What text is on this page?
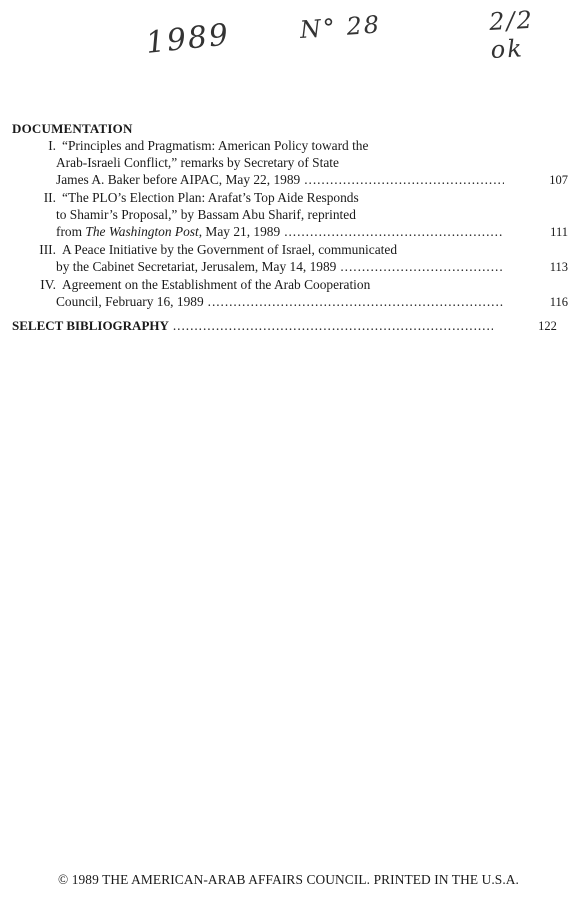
1989	N° 28	2/2 ok
DOCUMENTATION
I. “Principles and Pragmatism: American Policy toward the
Arab-Israeli Conflict,” remarks by Secretary of State
James A. Baker before AIPAC, May 22, 1989 . . .	107
II. “The PLO’s Election Plan: Arafat’s Top Aide Responds
to Shamir’s Proposal,” by Bassam Abu Sharif, reprinted
from The Washington Post, May 21, 1989 . . .	111
III. A Peace Initiative by the Government of Israel, communicated
by the Cabinet Secretariat, Jerusalem, May 14, 1989 . . .	113
IV. Agreement on the Establishment of the Arab Cooperation
Council, February 16, 1989 . . .	116
SELECT BIBLIOGRAPHY . . .	122
© 1989 THE AMERICAN-ARAB AFFAIRS COUNCIL. PRINTED IN THE U.S.A.
